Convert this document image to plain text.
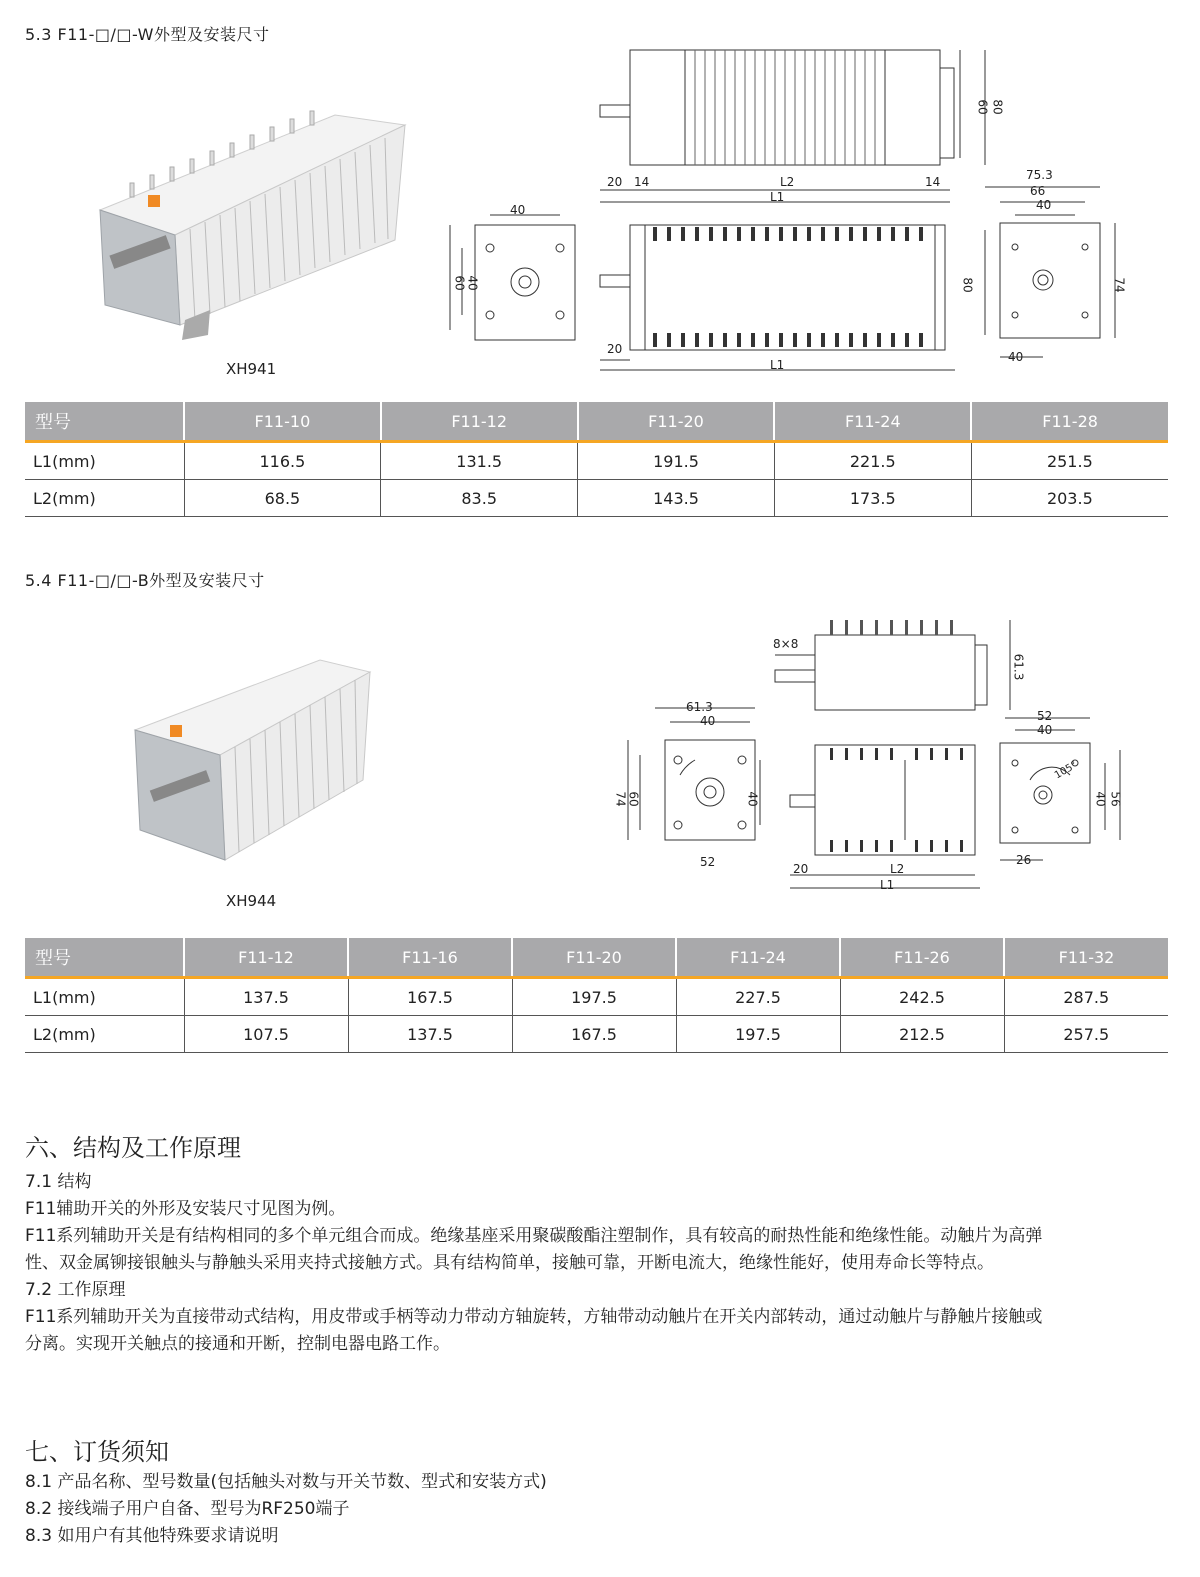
5.3 F11-□/□-W外型及安装尺寸
XH941
60 80
20 14	L2	14
L1
40
60 40
20
L1
75.3
66
40
80	74
40
型号	F11-10	F11-12	F11-20	F11-24	F11-28
L1(mm)	116.5	131.5	191.5	221.5	251.5
L2(mm)	68.5	83.5	143.5	173.5	203.5
5.4 F11-□/□-B外型及安装尺寸
XH944
8×8
61.3
61.3
40
74 60	40
52	20	L2
L1
52
40
105°
40 56
26
型号	F11-12	F11-16	F11-20	F11-24	F11-26	F11-32
L1(mm)	137.5	167.5	197.5	227.5	242.5	287.5
L2(mm)	107.5	137.5	167.5	197.5	212.5	257.5
六、结构及工作原理
7.1 结构
F11辅助开关的外形及安装尺寸见图为例。
F11系列辅助开关是有结构相同的多个单元组合而成。绝缘基座采用聚碳酸酯注塑制作，具有较高的耐热性能和绝缘性能。动触片为高弹
性、双金属铆接银触头与静触头采用夹持式接触方式。具有结构简单，接触可靠，开断电流大，绝缘性能好，使用寿命长等特点。
7.2 工作原理
F11系列辅助开关为直接带动式结构，用皮带或手柄等动力带动方轴旋转，方轴带动动触片在开关内部转动，通过动触片与静触片接触或
分离。实现开关触点的接通和开断，控制电器电路工作。
七、订货须知
8.1 产品名称、型号数量(包括触头对数与开关节数、型式和安装方式)
8.2 接线端子用户自备、型号为RF250端子
8.3 如用户有其他特殊要求请说明
